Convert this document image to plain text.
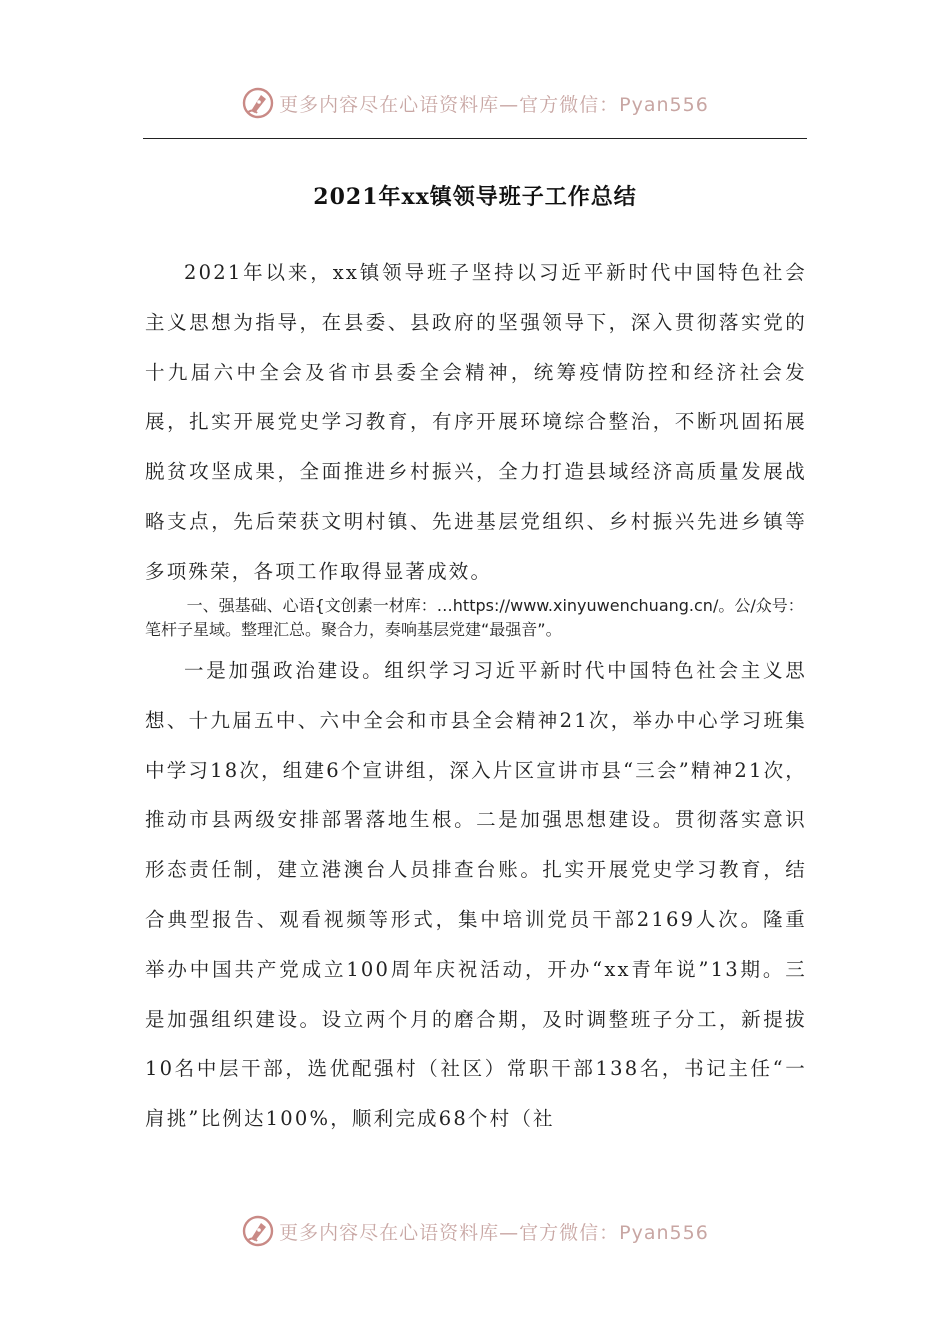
更多内容尽在心语资料库—官方微信：Pyan556
2021年xx镇领导班子工作总结
2021年以来，xx镇领导班子坚持以习近平新时代中国特色社会主义思想为指导，在县委、县政府的坚强领导下，深入贯彻落实党的十九届六中全会及省市县委全会精神，统筹疫情防控和经济社会发展，扎实开展党史学习教育，有序开展环境综合整治，不断巩固拓展脱贫攻坚成果，全面推进乡村振兴，全力打造县域经济高质量发展战略支点，先后荣获文明村镇、先进基层党组织、乡村振兴先进乡镇等多项殊荣，各项工作取得显著成效。
一、强基础、心语{文创素一材库：…https://www.xinyuwenchuang.cn/。公/众号：笔杆子星域。整理汇总。聚合力，奏响基层党建“最强音”。
一是加强政治建设。组织学习习近平新时代中国特色社会主义思想、十九届五中、六中全会和市县全会精神21次，举办中心学习班集中学习18次，组建6个宣讲组，深入片区宣讲市县“三会”精神21次，推动市县两级安排部署落地生根。二是加强思想建设。贯彻落实意识形态责任制，建立港澳台人员排查台账。扎实开展党史学习教育，结合典型报告、观看视频等形式，集中培训党员干部2169人次。隆重举办中国共产党成立100周年庆祝活动，开办“xx青年说”13期。三是加强组织建设。设立两个月的磨合期，及时调整班子分工，新提拔10名中层干部，选优配强村（社区）常职干部138名，书记主任“一肩挑”比例达100%，顺利完成68个村（社
更多内容尽在心语资料库—官方微信：Pyan556
